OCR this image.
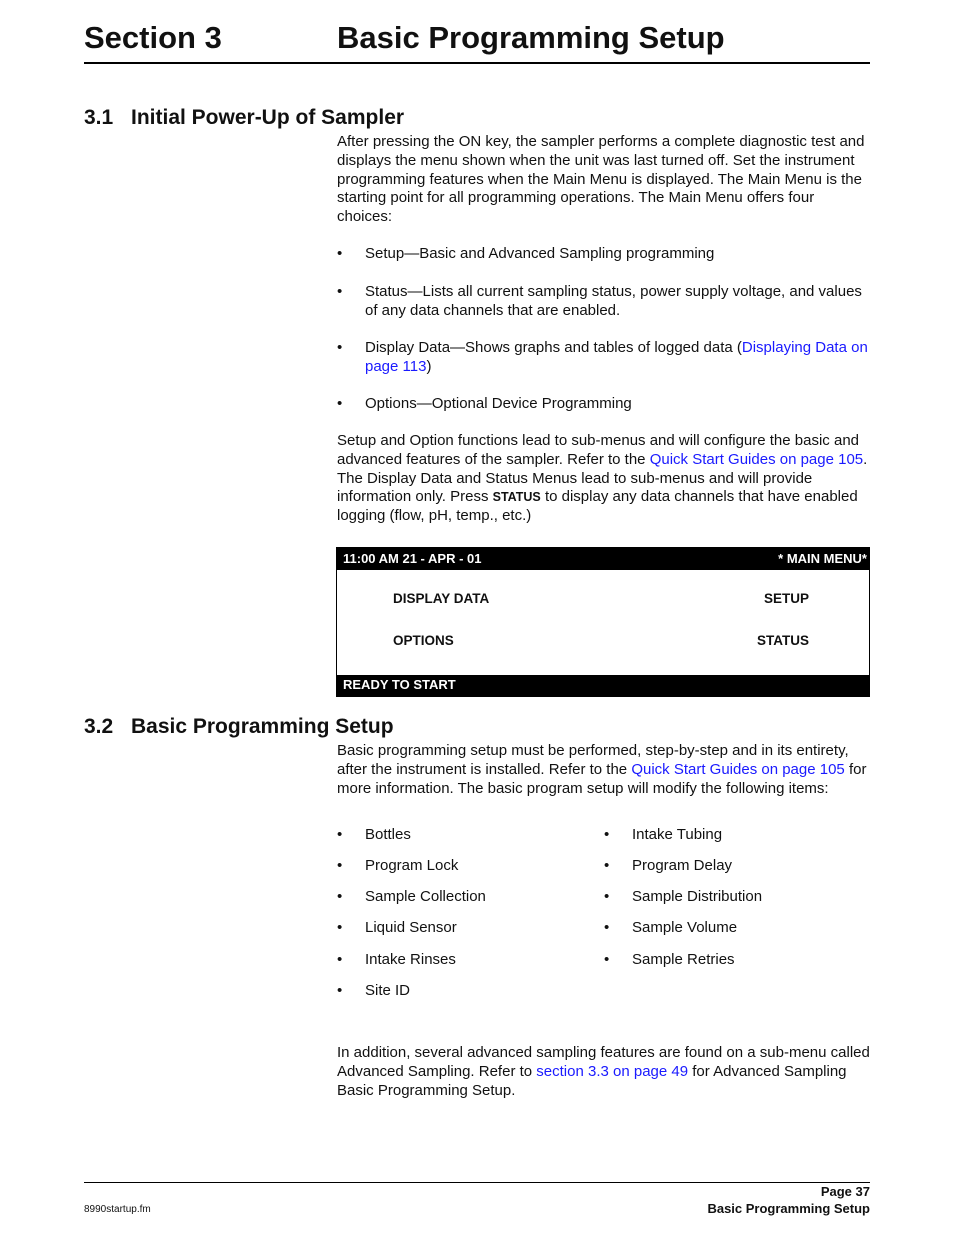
Section 3	Basic Programming Setup
3.1 Initial Power-Up of Sampler
After pressing the ON key, the sampler performs a complete diagnostic test and displays the menu shown when the unit was last turned off. Set the instrument programming features when the Main Menu is displayed. The Main Menu is the starting point for all programming operations. The Main Menu offers four choices:
• Setup—Basic and Advanced Sampling programming
• Status—Lists all current sampling status, power supply voltage, and values of any data channels that are enabled.
• Display Data—Shows graphs and tables of logged data (Displaying Data on page 113)
• Options—Optional Device Programming
Setup and Option functions lead to sub-menus and will configure the basic and advanced features of the sampler. Refer to the Quick Start Guides on page 105. The Display Data and Status Menus lead to sub-menus and will provide information only. Press STATUS to display any data channels that have enabled logging (flow, pH, temp., etc.)
11:00 AM 21 - APR - 01	* MAIN MENU*
DISPLAY DATA	SETUP
OPTIONS	STATUS
READY TO START
3.2 Basic Programming Setup
Basic programming setup must be performed, step-by-step and in its entirety, after the instrument is installed. Refer to the Quick Start Guides on page 105 for more information. The basic program setup will modify the following items:
• Bottles
• Program Lock
• Sample Collection
• Liquid Sensor
• Intake Rinses
• Site ID
• Intake Tubing
• Program Delay
• Sample Distribution
• Sample Volume
• Sample Retries
In addition, several advanced sampling features are found on a sub-menu called Advanced Sampling. Refer to section 3.3 on page 49 for Advanced Sampling Basic Programming Setup.
8990startup.fm
Page 37
Basic Programming Setup
